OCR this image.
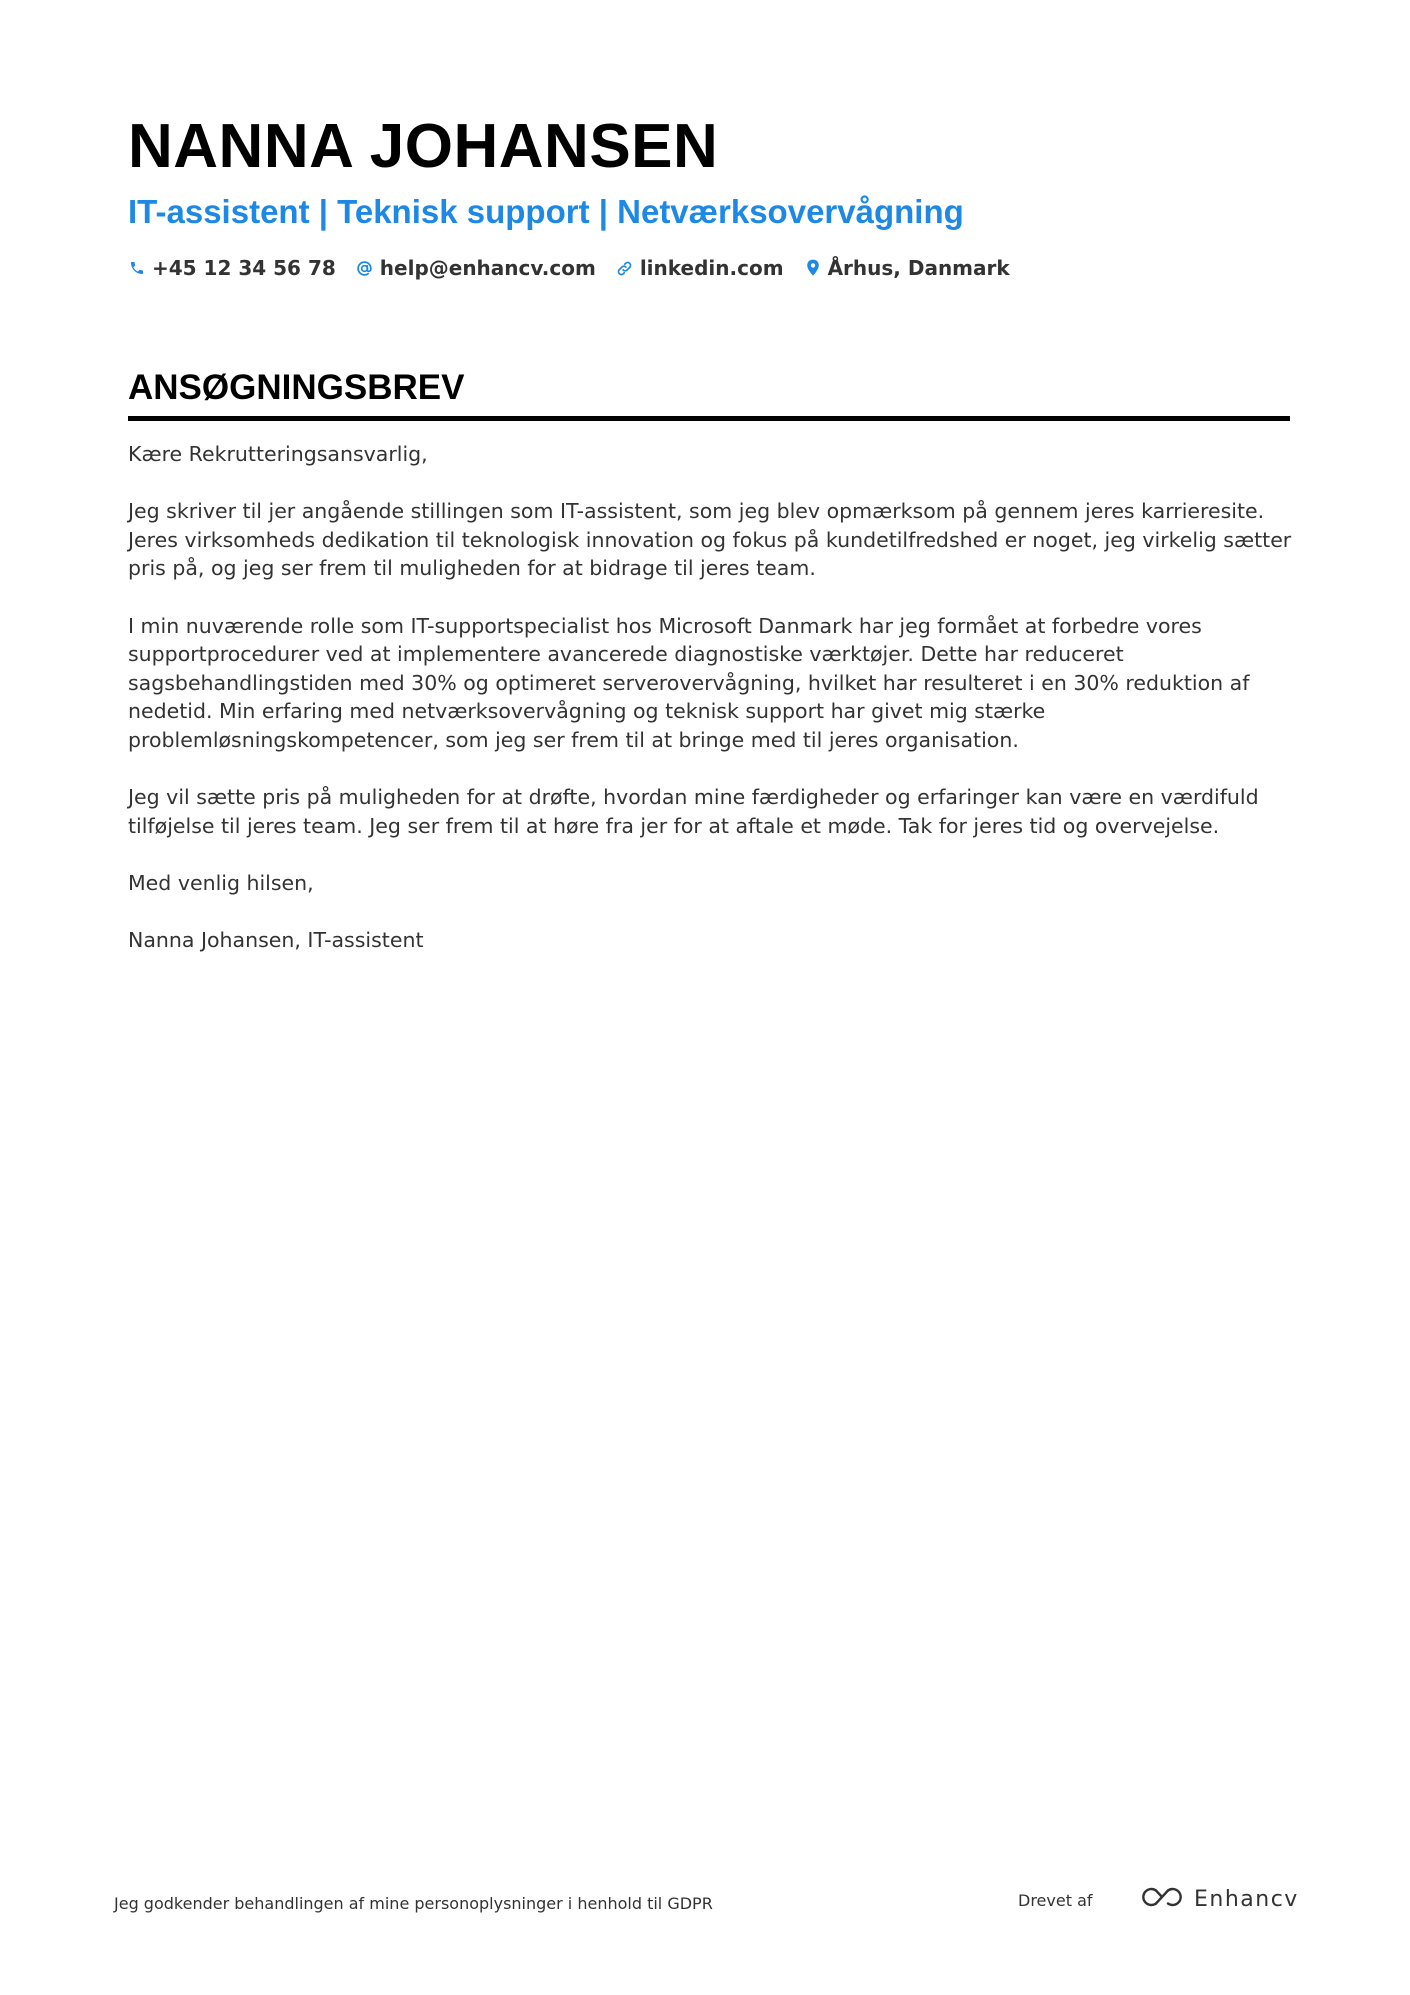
NANNA JOHANSEN
IT-assistent | Teknisk support | Netværksovervågning
+45 12 34 56 78 help@enhancv.com linkedin.com Århus, Danmark
ANSØGNINGSBREV

Kære Rekrutteringsansvarlig,

Jeg skriver til jer angående stillingen som IT-assistent, som jeg blev opmærksom på gennem jeres karrieresite. Jeres virksomheds dedikation til teknologisk innovation og fokus på kundetilfredshed er noget, jeg virkelig sætter pris på, og jeg ser frem til muligheden for at bidrage til jeres team.

I min nuværende rolle som IT-supportspecialist hos Microsoft Danmark har jeg formået at forbedre vores supportprocedurer ved at implementere avancerede diagnostiske værktøjer. Dette har reduceret sagsbehandlingstiden med 30% og optimeret serverovervågning, hvilket har resulteret i en 30% reduktion af nedetid. Min erfaring med netværksovervågning og teknisk support har givet mig stærke problemløsningskompetencer, som jeg ser frem til at bringe med til jeres organisation.

Jeg vil sætte pris på muligheden for at drøfte, hvordan mine færdigheder og erfaringer kan være en værdifuld tilføjelse til jeres team. Jeg ser frem til at høre fra jer for at aftale et møde. Tak for jeres tid og overvejelse.

Med venlig hilsen,

Nanna Johansen, IT-assistent

Jeg godkender behandlingen af mine personoplysninger i henhold til GDPR	Drevet af	Enhancv
